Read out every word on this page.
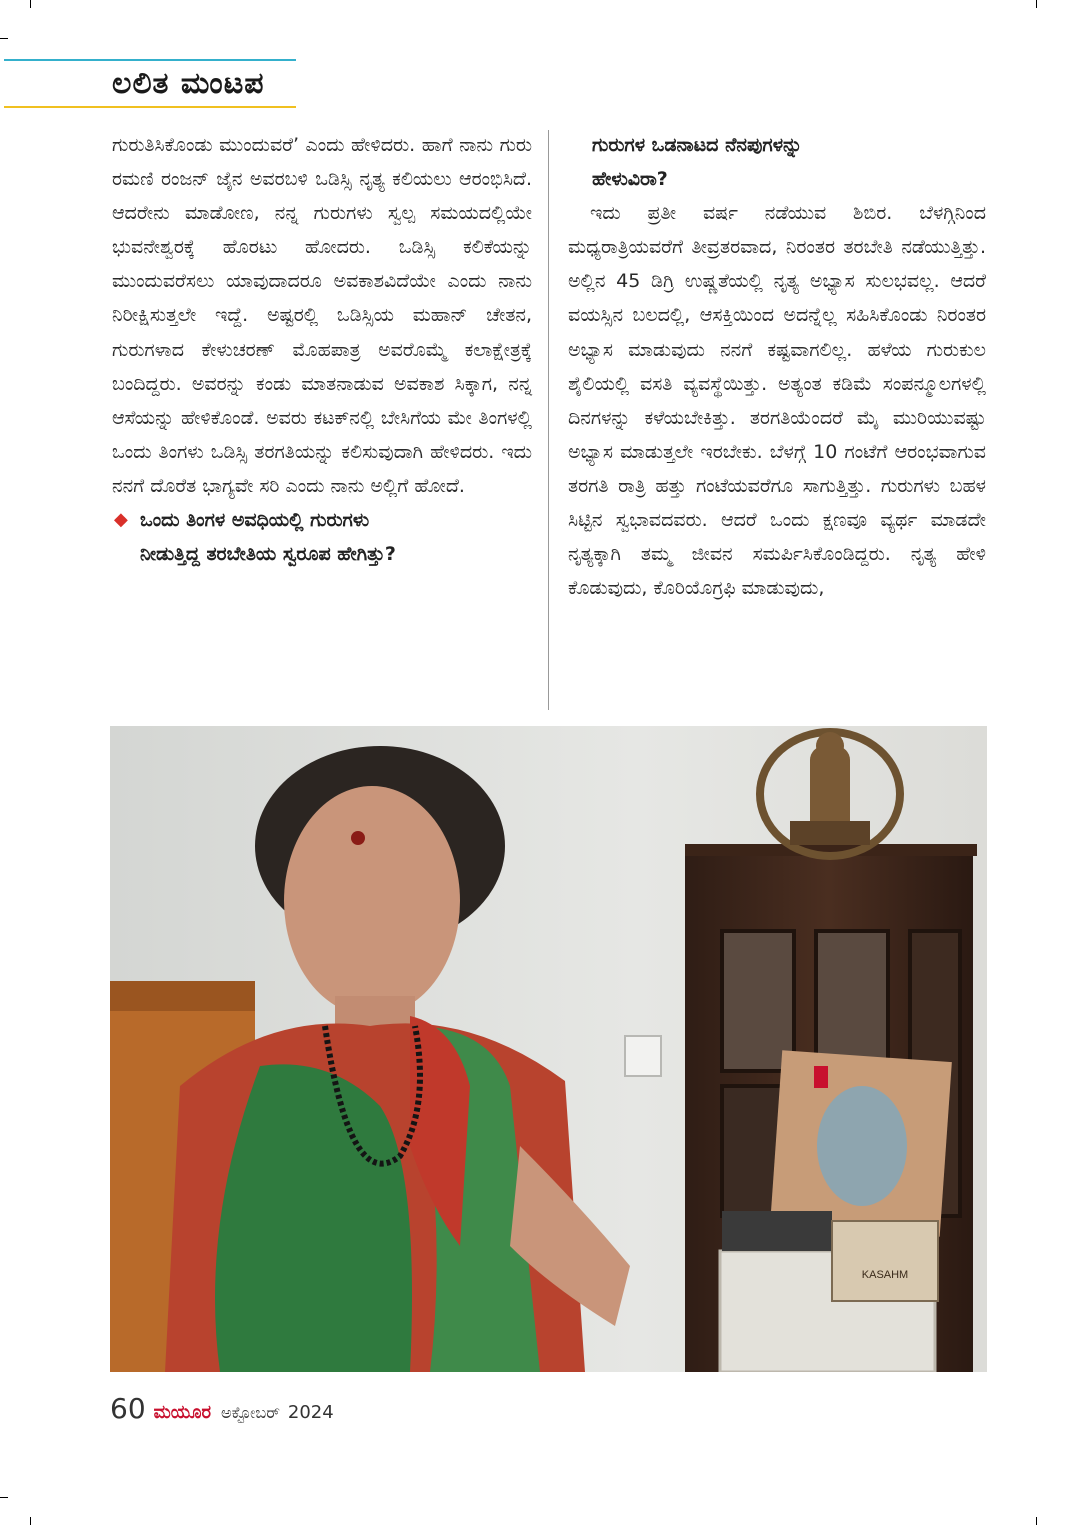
ಲಲಿತ ಮಂಟಪ

ಗುರುತಿಸಿಕೊಂಡು ಮುಂದುವರೆ’ ಎಂದು ಹೇಳಿದರು. ಹಾಗೆ ನಾನು ಗುರು ರಮಣಿ ರಂಜನ್ ಜೈನ ಅವರಬಳಿ ಒಡಿಸ್ಸಿ ನೃತ್ಯ ಕಲಿಯಲು ಆರಂಭಿಸಿದೆ. ಆದರೇನು ಮಾಡೋಣ, ನನ್ನ ಗುರುಗಳು ಸ್ವಲ್ಪ ಸಮಯದಲ್ಲಿಯೇ ಭುವನೇಶ್ವರಕ್ಕೆ ಹೊರಟು ಹೋದರು. ಒಡಿಸ್ಸಿ ಕಲಿಕೆಯನ್ನು ಮುಂದುವರೆಸಲು ಯಾವುದಾದರೂ ಅವಕಾಶವಿದೆಯೇ ಎಂದು ನಾನು ನಿರೀಕ್ಷಿಸುತ್ತಲೇ ಇದ್ದೆ. ಅಷ್ಟರಲ್ಲಿ ಒಡಿಸ್ಸಿಯ ಮಹಾನ್ ಚೇತನ, ಗುರುಗಳಾದ ಕೇಳುಚರಣ್ ಮೊಹಪಾತ್ರ ಅವರೊಮ್ಮೆ ಕಲಾಕ್ಷೇತ್ರಕ್ಕೆ ಬಂದಿದ್ದರು. ಅವರನ್ನು ಕಂಡು ಮಾತನಾಡುವ ಅವಕಾಶ ಸಿಕ್ಕಾಗ, ನನ್ನ ಆಸೆಯನ್ನು ಹೇಳಿಕೊಂಡೆ. ಅವರು ಕಟಕ್‌ನಲ್ಲಿ ಬೇಸಿಗೆಯ ಮೇ ತಿಂಗಳಲ್ಲಿ ಒಂದು ತಿಂಗಳು ಒಡಿಸ್ಸಿ ತರಗತಿಯನ್ನು ಕಲಿಸುವುದಾಗಿ ಹೇಳಿದರು. ಇದು ನನಗೆ ದೊರೆತ ಭಾಗ್ಯವೇ ಸರಿ ಎಂದು ನಾನು ಅಲ್ಲಿಗೆ ಹೋದೆ.

◆ ಒಂದು ತಿಂಗಳ ಅವಧಿಯಲ್ಲಿ ಗುರುಗಳು

ನೀಡುತ್ತಿದ್ದ ತರಬೇತಿಯ ಸ್ವರೂಪ ಹೇಗಿತ್ತು?

ಗುರುಗಳ ಒಡನಾಟದ ನೆನಪುಗಳನ್ನು

ಹೇಳುವಿರಾ?

ಇದು ಪ್ರತೀ ವರ್ಷ ನಡೆಯುವ ಶಿಬಿರ. ಬೆಳಗ್ಗಿನಿಂದ ಮಧ್ಯರಾತ್ರಿಯವರೆಗೆ ತೀವ್ರತರವಾದ, ನಿರಂತರ ತರಬೇತಿ ನಡೆಯುತ್ತಿತ್ತು. ಅಲ್ಲಿನ 45 ಡಿಗ್ರಿ ಉಷ್ಣತೆಯಲ್ಲಿ ನೃತ್ಯ ಅಭ್ಯಾಸ ಸುಲಭವಲ್ಲ. ಆದರೆ ವಯಸ್ಸಿನ ಬಲದಲ್ಲಿ, ಆಸಕ್ತಿಯಿಂದ ಅದನ್ನೆಲ್ಲ ಸಹಿಸಿಕೊಂಡು ನಿರಂತರ ಅಭ್ಯಾಸ ಮಾಡುವುದು ನನಗೆ ಕಷ್ಟವಾಗಲಿಲ್ಲ. ಹಳೆಯ ಗುರುಕುಲ ಶೈಲಿಯಲ್ಲಿ ವಸತಿ ವ್ಯವಸ್ಥೆಯಿತ್ತು. ಅತ್ಯಂತ ಕಡಿಮೆ ಸಂಪನ್ಮೂಲಗಳಲ್ಲಿ ದಿನಗಳನ್ನು ಕಳೆಯಬೇಕಿತ್ತು. ತರಗತಿಯೆಂದರೆ ಮೈ ಮುರಿಯುವಷ್ಟು ಅಭ್ಯಾಸ ಮಾಡುತ್ತಲೇ ಇರಬೇಕು. ಬೆಳಗ್ಗೆ 10 ಗಂಟೆಗೆ ಆರಂಭವಾಗುವ ತರಗತಿ ರಾತ್ರಿ ಹತ್ತು ಗಂಟೆಯವರೆಗೂ ಸಾಗುತ್ತಿತ್ತು. ಗುರುಗಳು ಬಹಳ ಸಿಟ್ಟಿನ ಸ್ವಭಾವದವರು. ಆದರೆ ಒಂದು ಕ್ಷಣವೂ ವ್ಯರ್ಥ ಮಾಡದೇ ನೃತ್ಯಕ್ಕಾಗಿ ತಮ್ಮ ಜೀವನ ಸಮರ್ಪಿಸಿಕೊಂಡಿದ್ದರು. ನೃತ್ಯ ಹೇಳಿ ಕೊಡುವುದು, ಕೊರಿಯೊಗ್ರಫಿ ಮಾಡುವುದು,

KASAHM
60 ಮಯೂರ ಅಕ್ಟೋಬರ್ 2024
